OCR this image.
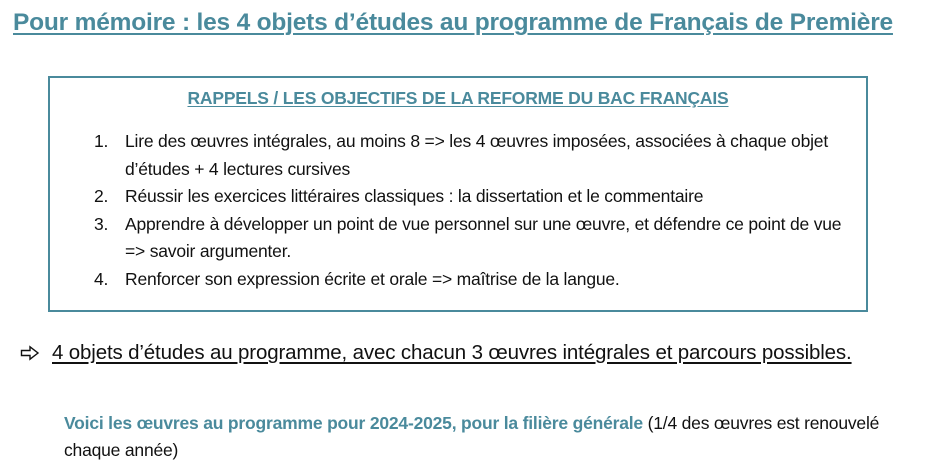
Pour mémoire : les 4 objets d’études au programme de Français de Première
RAPPELS / LES OBJECTIFS DE LA REFORME DU BAC FRANÇAIS
1. Lire des œuvres intégrales, au moins 8 => les 4 œuvres imposées, associées à chaque objet d’études + 4 lectures cursives
2. Réussir les exercices littéraires classiques : la dissertation et le commentaire
3. Apprendre à développer un point de vue personnel sur une œuvre, et défendre ce point de vue => savoir argumenter.
4. Renforcer son expression écrite et orale => maîtrise de la langue.
4 objets d’études au programme, avec chacun 3 œuvres intégrales et parcours possibles.

Voici les œuvres au programme pour 2024-2025, pour la filière générale (1/4 des œuvres est renouvelé chaque année)
